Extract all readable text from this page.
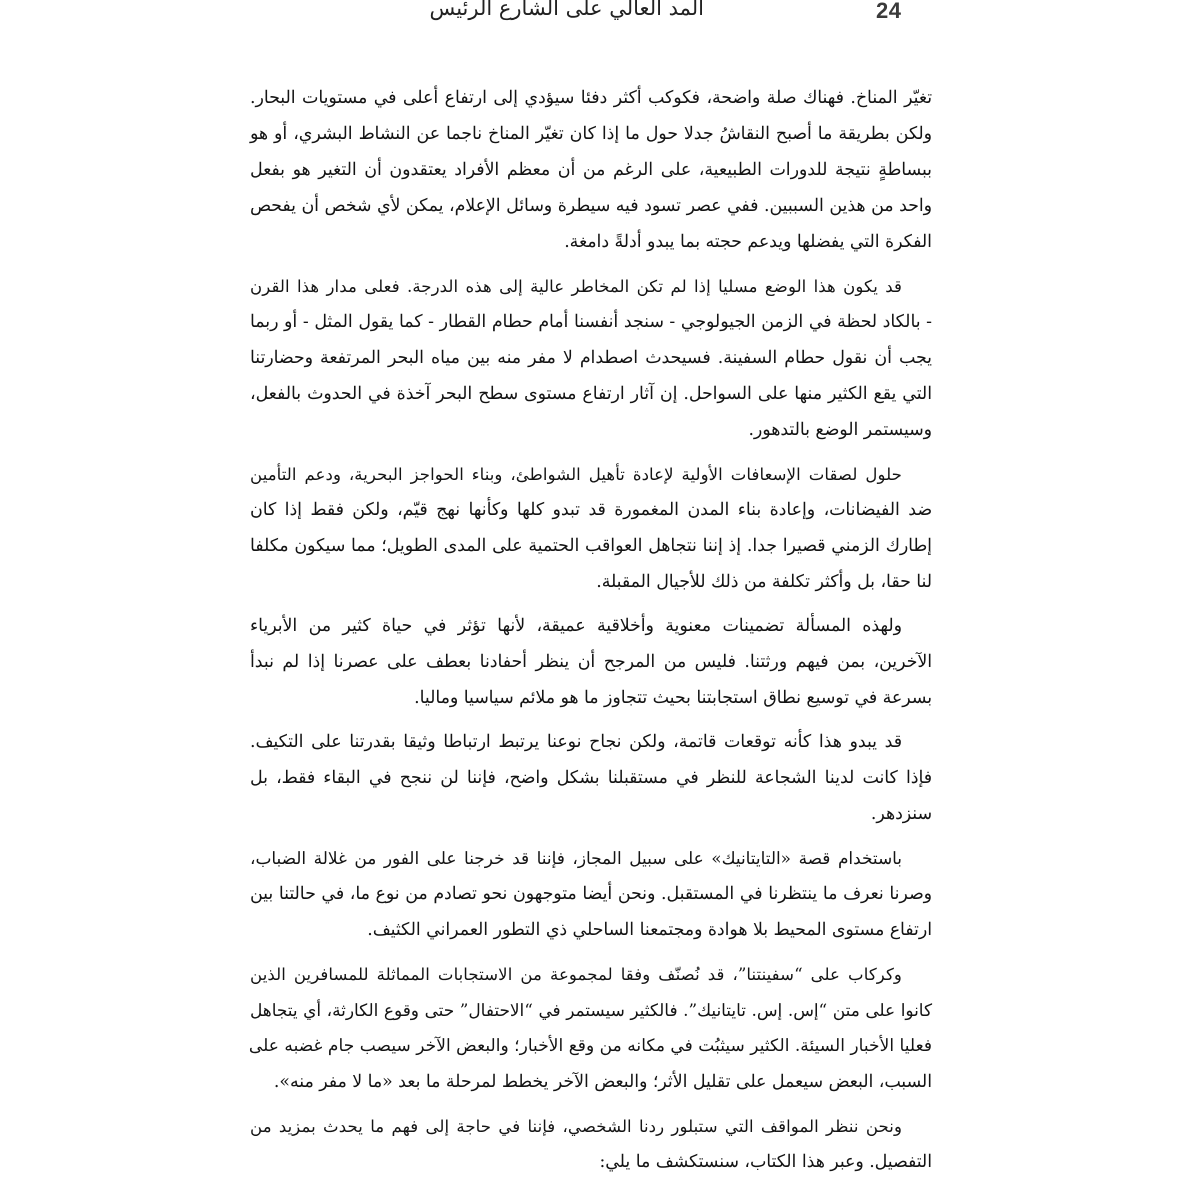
24
المد العالي على الشارع الرئيس

تغيّر المناخ. فهناك صلة واضحة، فكوكب أكثر دفئا سيؤدي إلى ارتفاع أعلى في مستويات البحار.
ولكن بطريقة ما أصبح النقاشُ جدلا حول ما إذا كان تغيّر المناخ ناجما عن النشاط البشري، أو هو
ببساطةٍ نتيجة للدورات الطبيعية، على الرغم من أن معظم الأفراد يعتقدون أن التغير هو بفعل
واحد من هذين السببين. ففي عصر تسود فيه سيطرة وسائل الإعلام، يمكن لأي شخص أن يفحص
الفكرة التي يفضلها ويدعم حجته بما يبدو أدلةً دامغة.

قد يكون هذا الوضع مسليا إذا لم تكن المخاطر عالية إلى هذه الدرجة. فعلى مدار هذا القرن
- بالكاد لحظة في الزمن الجيولوجي - سنجد أنفسنا أمام حطام القطار - كما يقول المثل - أو ربما
يجب أن نقول حطام السفينة. فسيحدث اصطدام لا مفر منه بين مياه البحر المرتفعة وحضارتنا
التي يقع الكثير منها على السواحل. إن آثار ارتفاع مستوى سطح البحر آخذة في الحدوث بالفعل،
وسيستمر الوضع بالتدهور.

حلول لصقات الإسعافات الأولية لإعادة تأهيل الشواطئ، وبناء الحواجز البحرية، ودعم التأمين
ضد الفيضانات، وإعادة بناء المدن المغمورة قد تبدو كلها وكأنها نهج قيّم، ولكن فقط إذا كان
إطارك الزمني قصيرا جدا. إذ إننا نتجاهل العواقب الحتمية على المدى الطويل؛ مما سيكون مكلفا
لنا حقا، بل وأكثر تكلفة من ذلك للأجيال المقبلة.

ولهذه المسألة تضمينات معنوية وأخلاقية عميقة، لأنها تؤثر في حياة كثير من الأبرياء
الآخرين، بمن فيهم ورثتنا. فليس من المرجح أن ينظر أحفادنا بعطف على عصرنا إذا لم نبدأ
بسرعة في توسيع نطاق استجابتنا بحيث تتجاوز ما هو ملائم سياسيا وماليا.

قد يبدو هذا كأنه توقعات قاتمة، ولكن نجاح نوعنا يرتبط ارتباطا وثيقا بقدرتنا على التكيف.
فإذا كانت لدينا الشجاعة للنظر في مستقبلنا بشكل واضح، فإننا لن ننجح في البقاء فقط، بل
سنزدهر.

باستخدام قصة «التايتانيك» على سبيل المجاز، فإننا قد خرجنا على الفور من غلالة الضباب،
وصرنا نعرف ما ينتظرنا في المستقبل. ونحن أيضا متوجهون نحو تصادم من نوع ما، في حالتنا بين
ارتفاع مستوى المحيط بلا هوادة ومجتمعنا الساحلي ذي التطور العمراني الكثيف.

وكركاب على “سفينتنا”، قد نُصنّف وفقا لمجموعة من الاستجابات المماثلة للمسافرين الذين
كانوا على متن “إس. إس. تايتانيك”. فالكثير سيستمر في “الاحتفال” حتى وقوع الكارثة، أي يتجاهل
فعليا الأخبار السيئة. الكثير سيثبُت في مكانه من وقع الأخبار؛ والبعض الآخر سيصب جام غضبه على
السبب، البعض سيعمل على تقليل الأثر؛ والبعض الآخر يخطط لمرحلة ما بعد «ما لا مفر منه».

ونحن ننظر المواقف التي ستبلور ردنا الشخصي، فإننا في حاجة إلى فهم ما يحدث بمزيد من
التفصيل. وعبر هذا الكتاب، سنستكشف ما يلي:
